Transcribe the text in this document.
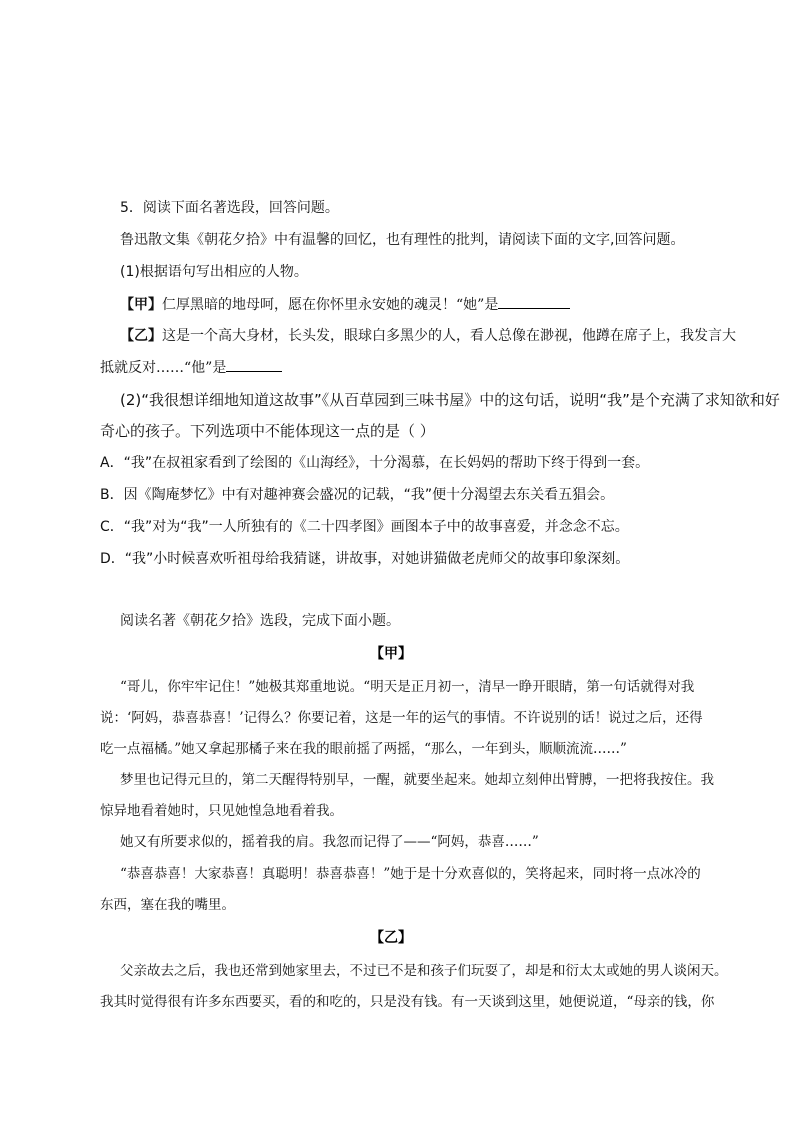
5．阅读下面名著选段，回答问题。
鲁迅散文集《朝花夕拾》中有温馨的回忆，也有理性的批判，请阅读下面的文字,回答问题。
(1)根据语句写出相应的人物。
【甲】仁厚黑暗的地母呵，愿在你怀里永安她的魂灵！“她”是
【乙】这是一个高大身材，长头发，眼球白多黑少的人，看人总像在渺视，他蹲在席子上，我发言大
抵就反对……“他”是
(2)“我很想详细地知道这故事”《从百草园到三味书屋》中的这句话，说明“我”是个充满了求知欲和好
奇心的孩子。下列选项中不能体现这一点的是（ ）
A．“我”在叔祖家看到了绘图的《山海经》，十分渴慕，在长妈妈的帮助下终于得到一套。
B．因《陶庵梦忆》中有对趣神赛会盛况的记载，“我”便十分渴望去东关看五猖会。
C．“我”对为“我”一人所独有的《二十四孝图》画图本子中的故事喜爱，并念念不忘。
D．“我”小时候喜欢听祖母给我猜谜，讲故事，对她讲猫做老虎师父的故事印象深刻。
阅读名著《朝花夕拾》选段，完成下面小题。
【甲】
“哥儿，你牢牢记住！”她极其郑重地说。“明天是正月初一，清早一睁开眼睛，第一句话就得对我
说：‘阿妈，恭喜恭喜！’记得么？你要记着，这是一年的运气的事情。不许说别的话！说过之后，还得
吃一点福橘。”她又拿起那橘子来在我的眼前摇了两摇，“那么，一年到头，顺顺流流……”
梦里也记得元旦的，第二天醒得特别早，一醒，就要坐起来。她却立刻伸出臂膊，一把将我按住。我
惊异地看着她时，只见她惶急地看着我。
她又有所要求似的，摇着我的肩。我忽而记得了——“阿妈，恭喜……”
“恭喜恭喜！大家恭喜！真聪明！恭喜恭喜！”她于是十分欢喜似的，笑将起来，同时将一点冰冷的
东西，塞在我的嘴里。
【乙】
父亲故去之后，我也还常到她家里去，不过已不是和孩子们玩耍了，却是和衍太太或她的男人谈闲天。
我其时觉得很有许多东西要买，看的和吃的，只是没有钱。有一天谈到这里，她便说道，“母亲的钱，你
